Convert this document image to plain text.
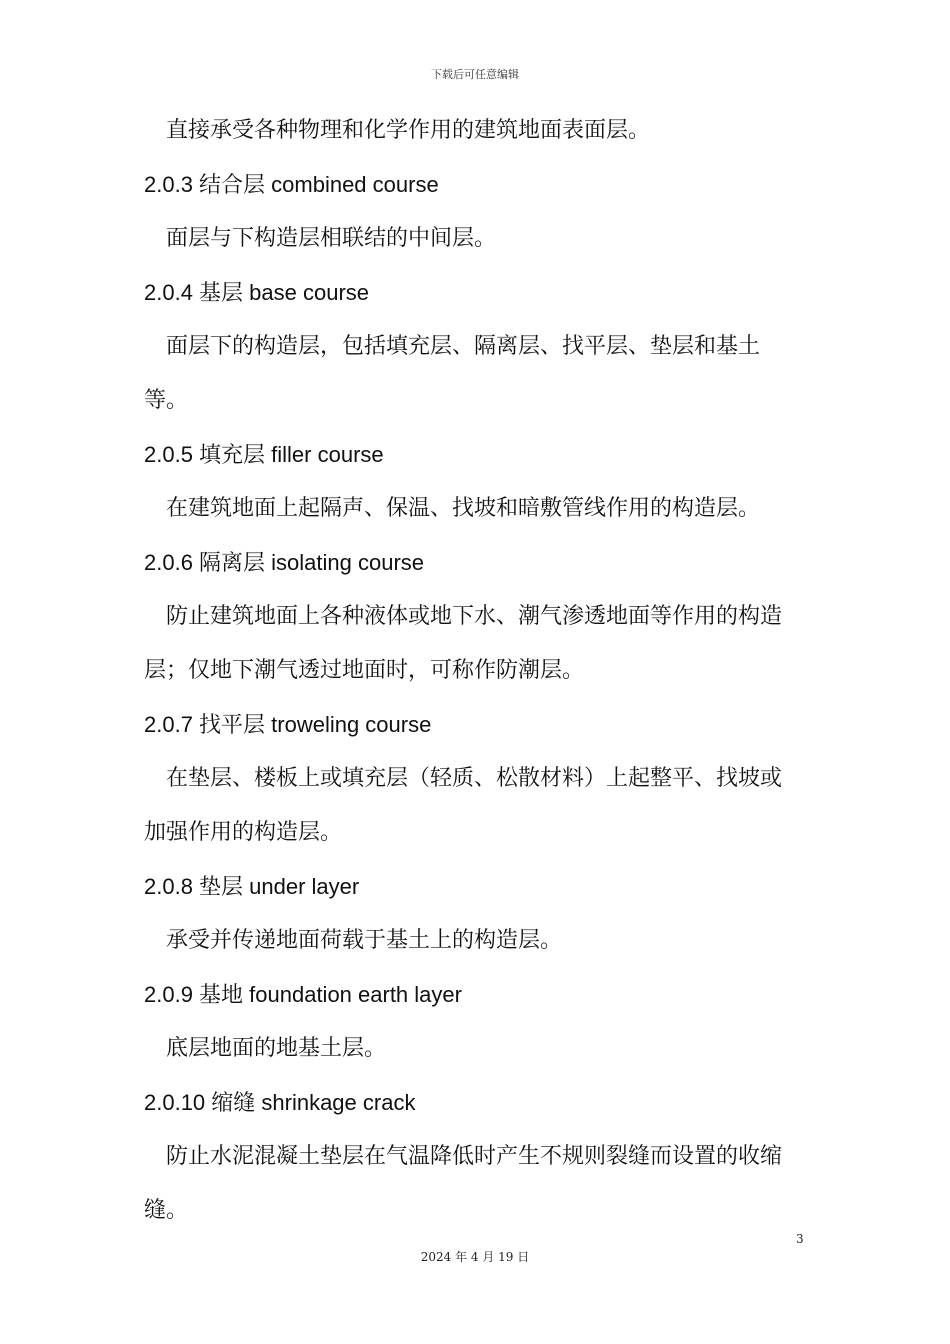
下载后可任意编辑

直接承受各种物理和化学作用的建筑地面表面层。

2.0.3 结合层 combined course

面层与下构造层相联结的中间层。

2.0.4 基层 base course

面层下的构造层，包括填充层、隔离层、找平层、垫层和基土等。

2.0.5 填充层 filler course

在建筑地面上起隔声、保温、找坡和暗敷管线作用的构造层。

2.0.6 隔离层 isolating course

防止建筑地面上各种液体或地下水、潮气渗透地面等作用的构造层；仅地下潮气透过地面时，可称作防潮层。

2.0.7 找平层 troweling course

在垫层、楼板上或填充层（轻质、松散材料）上起整平、找坡或加强作用的构造层。

2.0.8 垫层 under layer

承受并传递地面荷载于基土上的构造层。

2.0.9 基地 foundation earth layer

底层地面的地基土层。

2.0.10 缩缝 shrinkage crack

防止水泥混凝土垫层在气温降低时产生不规则裂缝而设置的收缩缝。

3
2024 年 4 月 19 日
